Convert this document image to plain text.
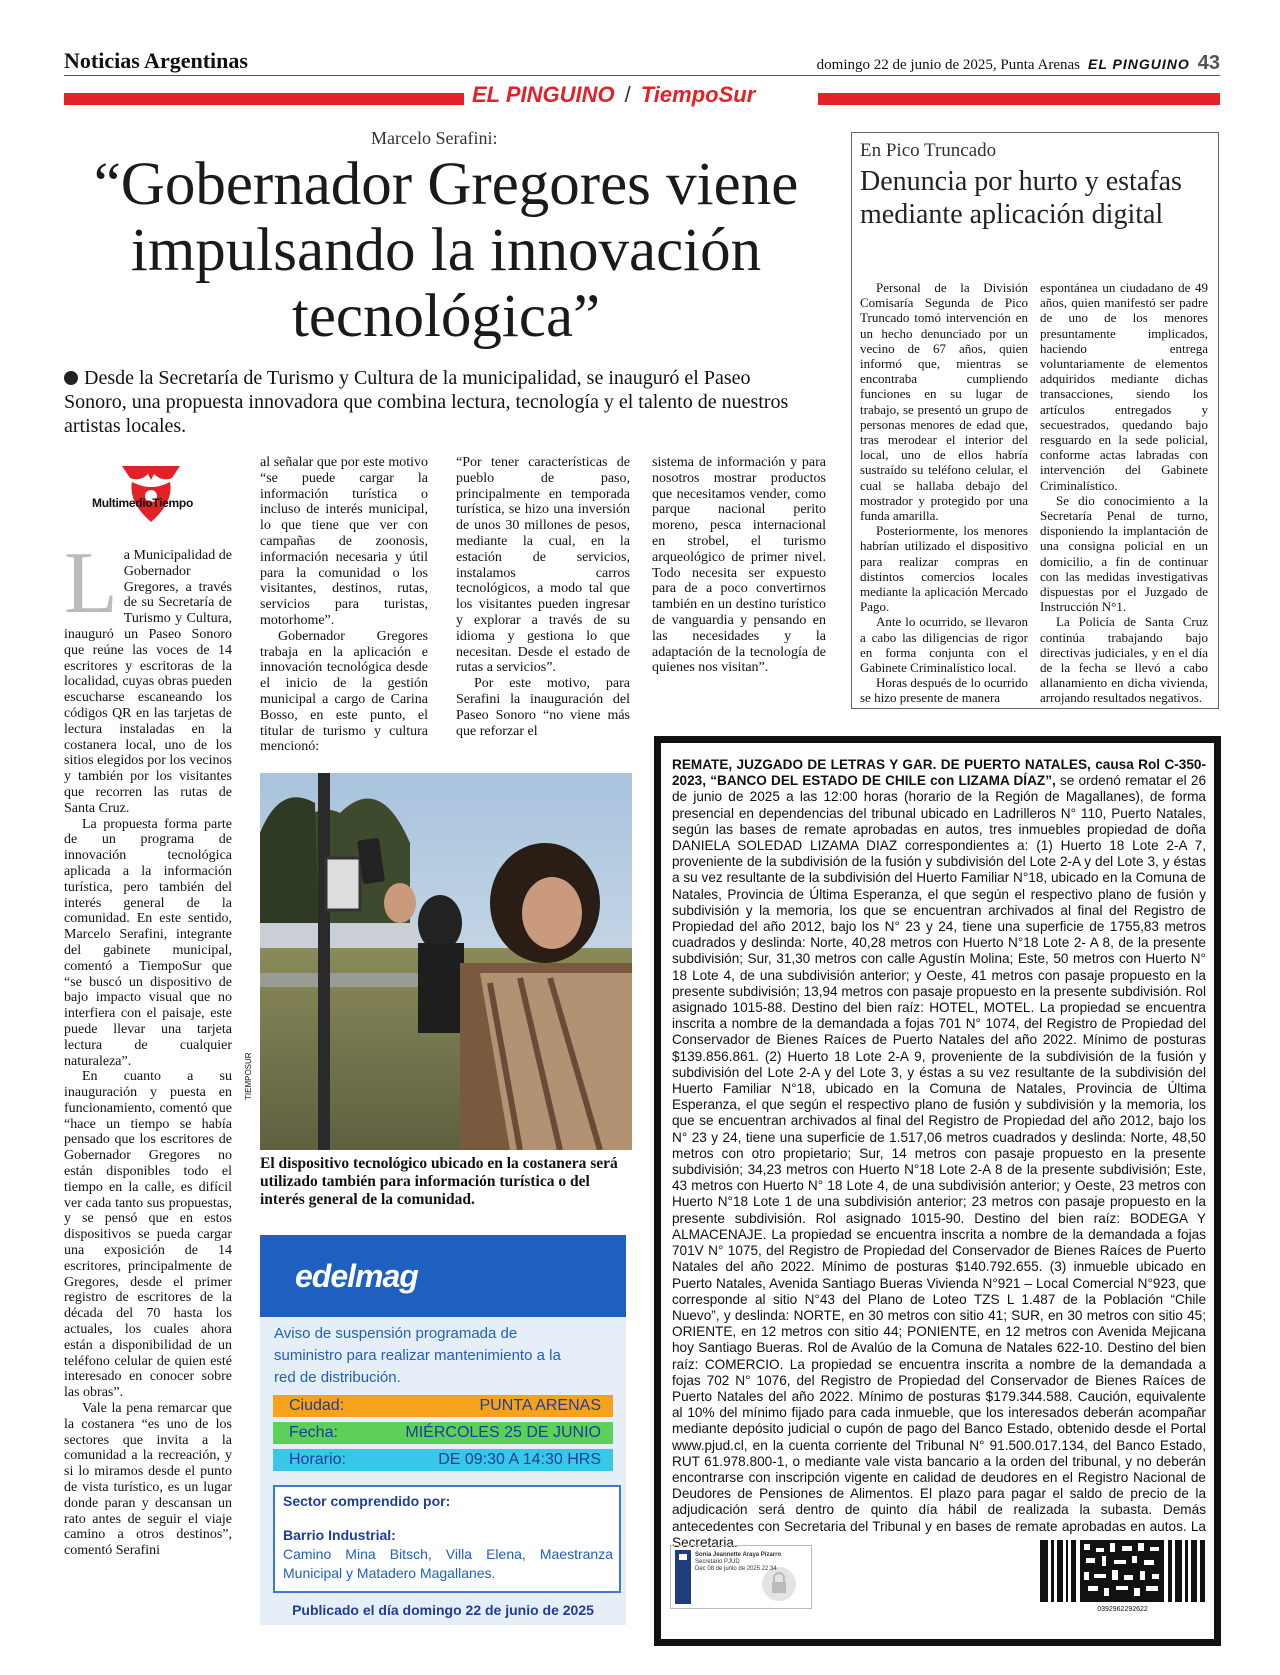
Noticias Argentinas	domingo 22 de junio de 2025, Punta Arenas EL PINGUINO 43
EL PINGUINO / TiempoSur
Marcelo Serafini:
“Gobernador Gregores viene impulsando la innovación tecnológica”
Desde la Secretaría de Turismo y Cultura de la municipalidad, se inauguró el Paseo Sonoro, una propuesta innovadora que combina lectura, tecnología y el talento de nuestros artistas locales.
MultimedioTiempo

La Municipalidad de Gobernador Gregores, a través de su Secretaría de Turismo y Cultura, inauguró un Paseo Sonoro que reúne las voces de 14 escritores y escritoras de la localidad, cuyas obras pueden escucharse escaneando los códigos QR en las tarjetas de lectura instaladas en la costanera local, uno de los sitios elegidos por los vecinos y también por los visitantes que recorren las rutas de Santa Cruz.

La propuesta forma parte de un programa de innovación tecnológica aplicada a la información turística, pero también del interés general de la comunidad. En este sentido, Marcelo Serafini, integrante del gabinete municipal, comentó a TiempoSur que “se buscó un dispositivo de bajo impacto visual que no interfiera con el paisaje, este puede llevar una tarjeta lectura de cualquier naturaleza”.

En cuanto a su inauguración y puesta en funcionamiento, comentó que “hace un tiempo se había pensado que los escritores de Gobernador Gregores no están disponibles todo el tiempo en la calle, es difícil ver cada tanto sus propuestas, y se pensó que en estos dispositivos se pueda cargar una exposición de 14 escritores, principalmente de Gregores, desde el primer registro de escritores de la década del 70 hasta los actuales, los cuales ahora están a disponibilidad de un teléfono celular de quien esté interesado en conocer sobre las obras”.

Vale la pena remarcar que la costanera “es uno de los sectores que invita a la comunidad a la recreación, y si lo miramos desde el punto de vista turístico, es un lugar donde paran y descansan un rato antes de seguir el viaje camino a otros destinos”, comentó Serafini

al señalar que por este motivo “se puede cargar la información turística o incluso de interés municipal, lo que tiene que ver con campañas de zoonosis, información necesaria y útil para la comunidad o los visitantes, destinos, rutas, servicios para turistas, motorhome”.

Gobernador Gregores trabaja en la aplicación e innovación tecnológica desde el inicio de la gestión municipal a cargo de Carina Bosso, en este punto, el titular de turismo y cultura mencionó:

“Por tener características de pueblo de paso, principalmente en temporada turística, se hizo una inversión de unos 30 millones de pesos, mediante la cual, en la estación de servicios, instalamos carros tecnológicos, a modo tal que los visitantes pueden ingresar y explorar a través de su idioma y gestiona lo que necesitan. Desde el estado de rutas a servicios”.

Por este motivo, para Serafini la inauguración del Paseo Sonoro “no viene más que reforzar el

sistema de información y para nosotros mostrar productos que necesitamos vender, como parque nacional perito moreno, pesca internacional en strobel, el turismo arqueológico de primer nivel. Todo necesita ser expuesto para de a poco convertirnos también en un destino turístico de vanguardia y pensando en las necesidades y la adaptación de la tecnología de quienes nos visitan”.

TIEMPOSUR
El dispositivo tecnológico ubicado en la costanera será utilizado también para información turística o del interés general de la comunidad.
En Pico Truncado
Denuncia por hurto y estafas mediante aplicación digital

Personal de la División Comisaría Segunda de Pico Truncado tomó intervención en un hecho denunciado por un vecino de 67 años, quien informó que, mientras se encontraba cumpliendo funciones en su lugar de trabajo, se presentó un grupo de personas menores de edad que, tras merodear el interior del local, uno de ellos habría sustraído su teléfono celular, el cual se hallaba debajo del mostrador y protegido por una funda amarilla.

Posteriormente, los menores habrían utilizado el dispositivo para realizar compras en distintos comercios locales mediante la aplicación Mercado Pago.

Ante lo ocurrido, se llevaron a cabo las diligencias de rigor en forma conjunta con el Gabinete Criminalístico local.

Horas después de lo ocurrido se hizo presente de manera

espontánea un ciudadano de 49 años, quien manifestó ser padre de uno de los menores presuntamente implicados, haciendo entrega voluntariamente de elementos adquiridos mediante dichas transacciones, siendo los artículos entregados y secuestrados, quedando bajo resguardo en la sede policial, conforme actas labradas con intervención del Gabinete Criminalístico.

Se dio conocimiento a la Secretaría Penal de turno, disponiendo la implantación de una consigna policial en un domicilio, a fin de continuar con las medidas investigativas dispuestas por el Juzgado de Instrucción N°1.

La Policía de Santa Cruz continúa trabajando bajo directivas judiciales, y en el día de la fecha se llevó a cabo allanamiento en dicha vivienda, arrojando resultados negativos.

REMATE, JUZGADO DE LETRAS Y GAR. DE PUERTO NATALES, causa Rol C-350-2023, “BANCO DEL ESTADO DE CHILE con LIZAMA DÍAZ”, se ordenó rematar el 26 de junio de 2025 a las 12:00 horas (horario de la Región de Magallanes), de forma presencial en dependencias del tribunal ubicado en Ladrilleros N° 110, Puerto Natales, según las bases de remate aprobadas en autos, tres inmuebles propiedad de doña DANIELA SOLEDAD LIZAMA DIAZ correspondientes a: (1) Huerto 18 Lote 2-A 7, proveniente de la subdivisión de la fusión y subdivisión del Lote 2-A y del Lote 3, y éstas a su vez resultante de la subdivisión del Huerto Familiar N°18, ubicado en la Comuna de Natales, Provincia de Última Esperanza, el que según el respectivo plano de fusión y subdivisión y la memoria, los que se encuentran archivados al final del Registro de Propiedad del año 2012, bajo los N° 23 y 24, tiene una superficie de 1755,83 metros cuadrados y deslinda: Norte, 40,28 metros con Huerto N°18 Lote 2- A 8, de la presente subdivisión; Sur, 31,30 metros con calle Agustín Molina; Este, 50 metros con Huerto N° 18 Lote 4, de una subdivisión anterior; y Oeste, 41 metros con pasaje propuesto en la presente subdivisión; 13,94 metros con pasaje propuesto en la presente subdivisión. Rol asignado 1015-88. Destino del bien raíz: HOTEL, MOTEL. La propiedad se encuentra inscrita a nombre de la demandada a fojas 701 N° 1074, del Registro de Propiedad del Conservador de Bienes Raíces de Puerto Natales del año 2022. Mínimo de posturas $139.856.861. (2) Huerto 18 Lote 2-A 9, proveniente de la subdivisión de la fusión y subdivisión del Lote 2-A y del Lote 3, y éstas a su vez resultante de la subdivisión del Huerto Familiar N°18, ubicado en la Comuna de Natales, Provincia de Última Esperanza, el que según el respectivo plano de fusión y subdivisión y la memoria, los que se encuentran archivados al final del Registro de Propiedad del año 2012, bajo los N° 23 y 24, tiene una superficie de 1.517,06 metros cuadrados y deslinda: Norte, 48,50 metros con otro propietario; Sur, 14 metros con pasaje propuesto en la presente subdivisión; 34,23 metros con Huerto N°18 Lote 2-A 8 de la presente subdivisión; Este, 43 metros con Huerto N° 18 Lote 4, de una subdivisión anterior; y Oeste, 23 metros con Huerto N°18 Lote 1 de una subdivisión anterior; 23 metros con pasaje propuesto en la presente subdivisión. Rol asignado 1015-90. Destino del bien raíz: BODEGA Y ALMACENAJE. La propiedad se encuentra inscrita a nombre de la demandada a fojas 701V N° 1075, del Registro de Propiedad del Conservador de Bienes Raíces de Puerto Natales del año 2022. Mínimo de posturas $140.792.655. (3) inmueble ubicado en Puerto Natales, Avenida Santiago Bueras Vivienda N°921 – Local Comercial N°923, que corresponde al sitio N°43 del Plano de Loteo TZS L 1.487 de la Población “Chile Nuevo”, y deslinda: NORTE, en 30 metros con sitio 41; SUR, en 30 metros con sitio 45; ORIENTE, en 12 metros con sitio 44; PONIENTE, en 12 metros con Avenida Mejicana hoy Santiago Bueras. Rol de Avalúo de la Comuna de Natales 622-10. Destino del bien raíz: COMERCIO. La propiedad se encuentra inscrita a nombre de la demandada a fojas 702 N° 1076, del Registro de Propiedad del Conservador de Bienes Raíces de Puerto Natales del año 2022. Mínimo de posturas $179.344.588. Caución, equivalente al 10% del mínimo fijado para cada inmueble, que los interesados deberán acompañar mediante depósito judicial o cupón de pago del Banco Estado, obtenido desde el Portal www.pjud.cl, en la cuenta corriente del Tribunal N° 91.500.017.134, del Banco Estado, RUT 61.978.800-1, o mediante vale vista bancario a la orden del tribunal, y no deberán encontrarse con inscripción vigente en calidad de deudores en el Registro Nacional de Deudores de Pensiones de Alimentos. El plazo para pagar el saldo de precio de la adjudicación será dentro de quinto día hábil de realizada la subasta. Demás antecedentes con Secretaria del Tribunal y en bases de remate aprobadas en autos. La Secretaria.
Sonia Jeannette Araya Pizarro
Secretario PJUD
Dec 08 de junio de 2025 22:34
0392962292622
edelmag
Aviso de suspensión programada de suministro para realizar mantenimiento a la red de distribución.
Ciudad:	PUNTA ARENAS
Fecha:	MIÉRCOLES 25 DE JUNIO
Horario:	DE 09:30 A 14:30 HRS
Sector comprendido por:
Barrio Industrial:
Camino Mina Bitsch, Villa Elena, Maestranza Municipal y Matadero Magallanes.
Publicado el día domingo 22 de junio de 2025
